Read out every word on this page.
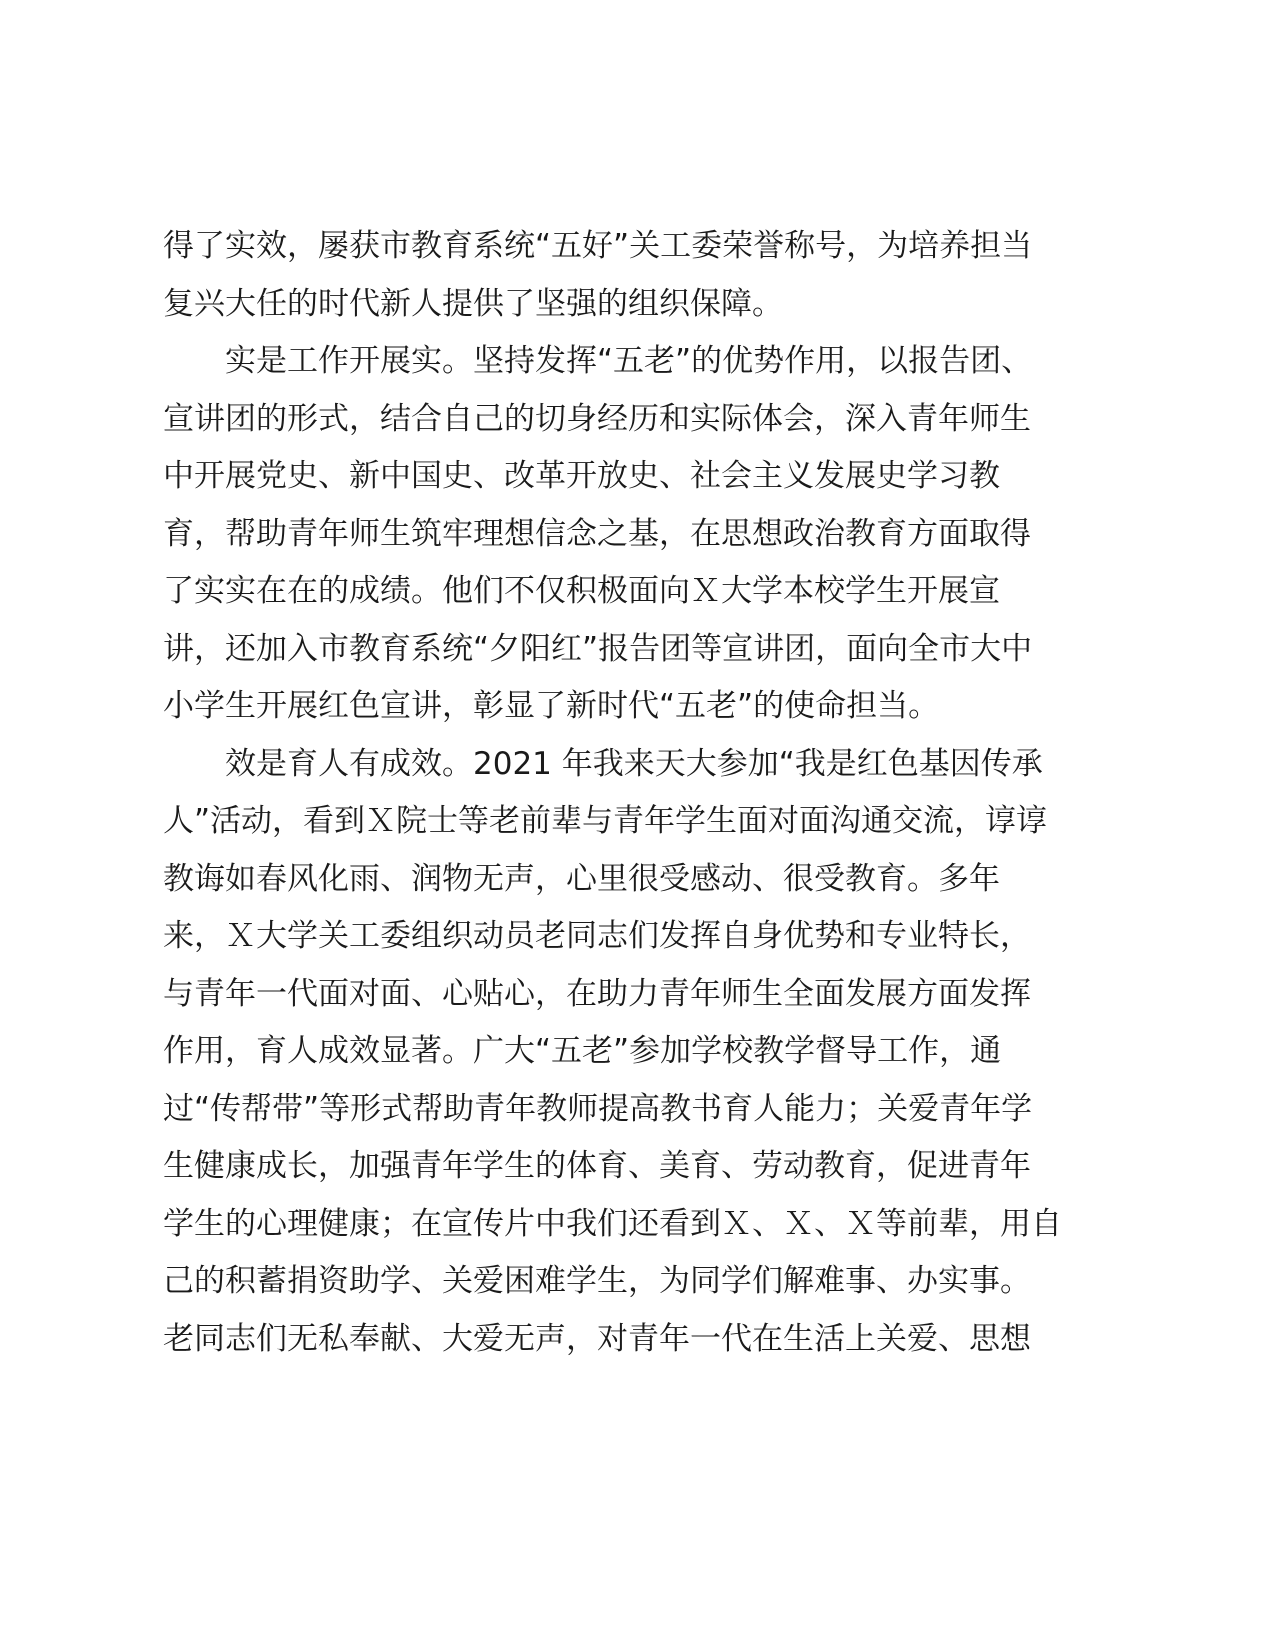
得了实效，屡获市教育系统“五好”关工委荣誉称号，为培养担当
复兴大任的时代新人提供了坚强的组织保障。
实是工作开展实。坚持发挥“五老”的优势作用，以报告团、
宣讲团的形式，结合自己的切身经历和实际体会，深入青年师生
中开展党史、新中国史、改革开放史、社会主义发展史学习教
育，帮助青年师生筑牢理想信念之基，在思想政治教育方面取得
了实实在在的成绩。他们不仅积极面向Ｘ大学本校学生开展宣
讲，还加入市教育系统“夕阳红”报告团等宣讲团，面向全市大中
小学生开展红色宣讲，彰显了新时代“五老”的使命担当。
效是育人有成效。2021 年我来天大参加“我是红色基因传承
人”活动，看到Ｘ院士等老前辈与青年学生面对面沟通交流，谆谆
教诲如春风化雨、润物无声，心里很受感动、很受教育。多年
来，Ｘ大学关工委组织动员老同志们发挥自身优势和专业特长，
与青年一代面对面、心贴心，在助力青年师生全面发展方面发挥
作用，育人成效显著。广大“五老”参加学校教学督导工作，通
过“传帮带”等形式帮助青年教师提高教书育人能力；关爱青年学
生健康成长，加强青年学生的体育、美育、劳动教育，促进青年
学生的心理健康；在宣传片中我们还看到Ｘ、Ｘ、Ｘ等前辈，用自
己的积蓄捐资助学、关爱困难学生，为同学们解难事、办实事。
老同志们无私奉献、大爱无声，对青年一代在生活上关爱、思想
